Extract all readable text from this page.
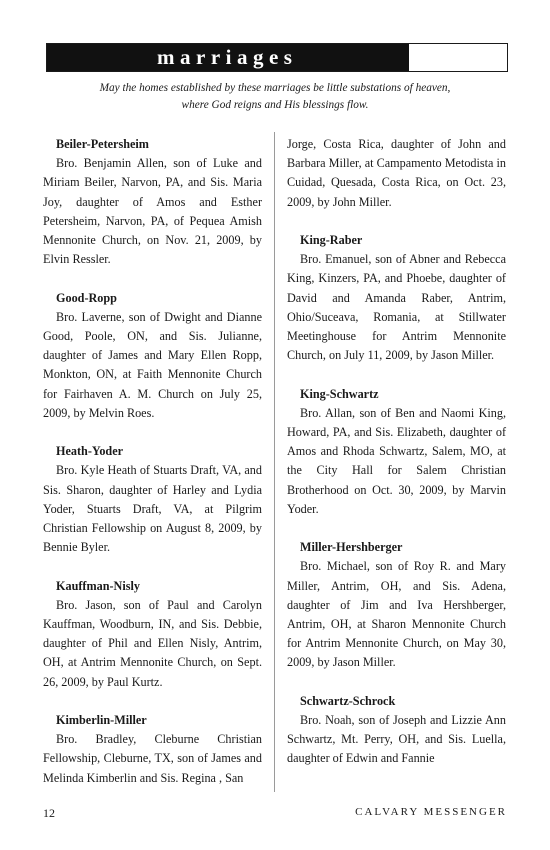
marriages
May the homes established by these marriages be little substations of heaven,
where God reigns and His blessings flow.

Beiler-Petersheim

Bro. Benjamin Allen, son of Luke and Miriam Beiler, Narvon, PA, and Sis. Maria Joy, daughter of Amos and Esther Petersheim, Narvon, PA, of Pequea Amish Mennonite Church, on Nov. 21, 2009, by Elvin Ressler.

Good-Ropp

Bro. Laverne, son of Dwight and Dianne Good, Poole, ON, and Sis. Julianne, daughter of James and Mary Ellen Ropp, Monkton, ON, at Faith Mennonite Church for Fairhaven A. M. Church on July 25, 2009, by Melvin Roes.

Heath-Yoder

Bro. Kyle Heath of Stuarts Draft, VA, and Sis. Sharon, daughter of Harley and Lydia Yoder, Stuarts Draft, VA, at Pilgrim Christian Fellowship on August 8, 2009, by Bennie Byler.

Kauffman-Nisly

Bro. Jason, son of Paul and Carolyn Kauffman, Woodburn, IN, and Sis. Debbie, daughter of Phil and Ellen Nisly, Antrim, OH, at Antrim Mennonite Church, on Sept. 26, 2009, by Paul Kurtz.

Kimberlin-Miller

Bro. Bradley, Cleburne Christian Fellowship, Cleburne, TX, son of James and Melinda Kimberlin and Sis. Regina , San

Jorge, Costa Rica, daughter of John and Barbara Miller, at Campamento Metodista in Cuidad, Quesada, Costa Rica, on Oct. 23, 2009, by John Miller.

King-Raber

Bro. Emanuel, son of Abner and Rebecca King, Kinzers, PA, and Phoebe, daughter of David and Amanda Raber, Antrim, Ohio/Suceava, Romania, at Stillwater Meetinghouse for Antrim Mennonite Church, on July 11, 2009, by Jason Miller.

King-Schwartz

Bro. Allan, son of Ben and Naomi King, Howard, PA, and Sis. Elizabeth, daughter of Amos and Rhoda Schwartz, Salem, MO, at the City Hall for Salem Christian Brotherhood on Oct. 30, 2009, by Marvin Yoder.

Miller-Hershberger

Bro. Michael, son of Roy R. and Mary Miller, Antrim, OH, and Sis. Adena, daughter of Jim and Iva Hershberger, Antrim, OH, at Sharon Mennonite Church for Antrim Mennonite Church, on May 30, 2009, by Jason Miller.

Schwartz-Schrock

Bro. Noah, son of Joseph and Lizzie Ann Schwartz, Mt. Perry, OH, and Sis. Luella, daughter of Edwin and Fannie

12	CALVARY MESSENGER
